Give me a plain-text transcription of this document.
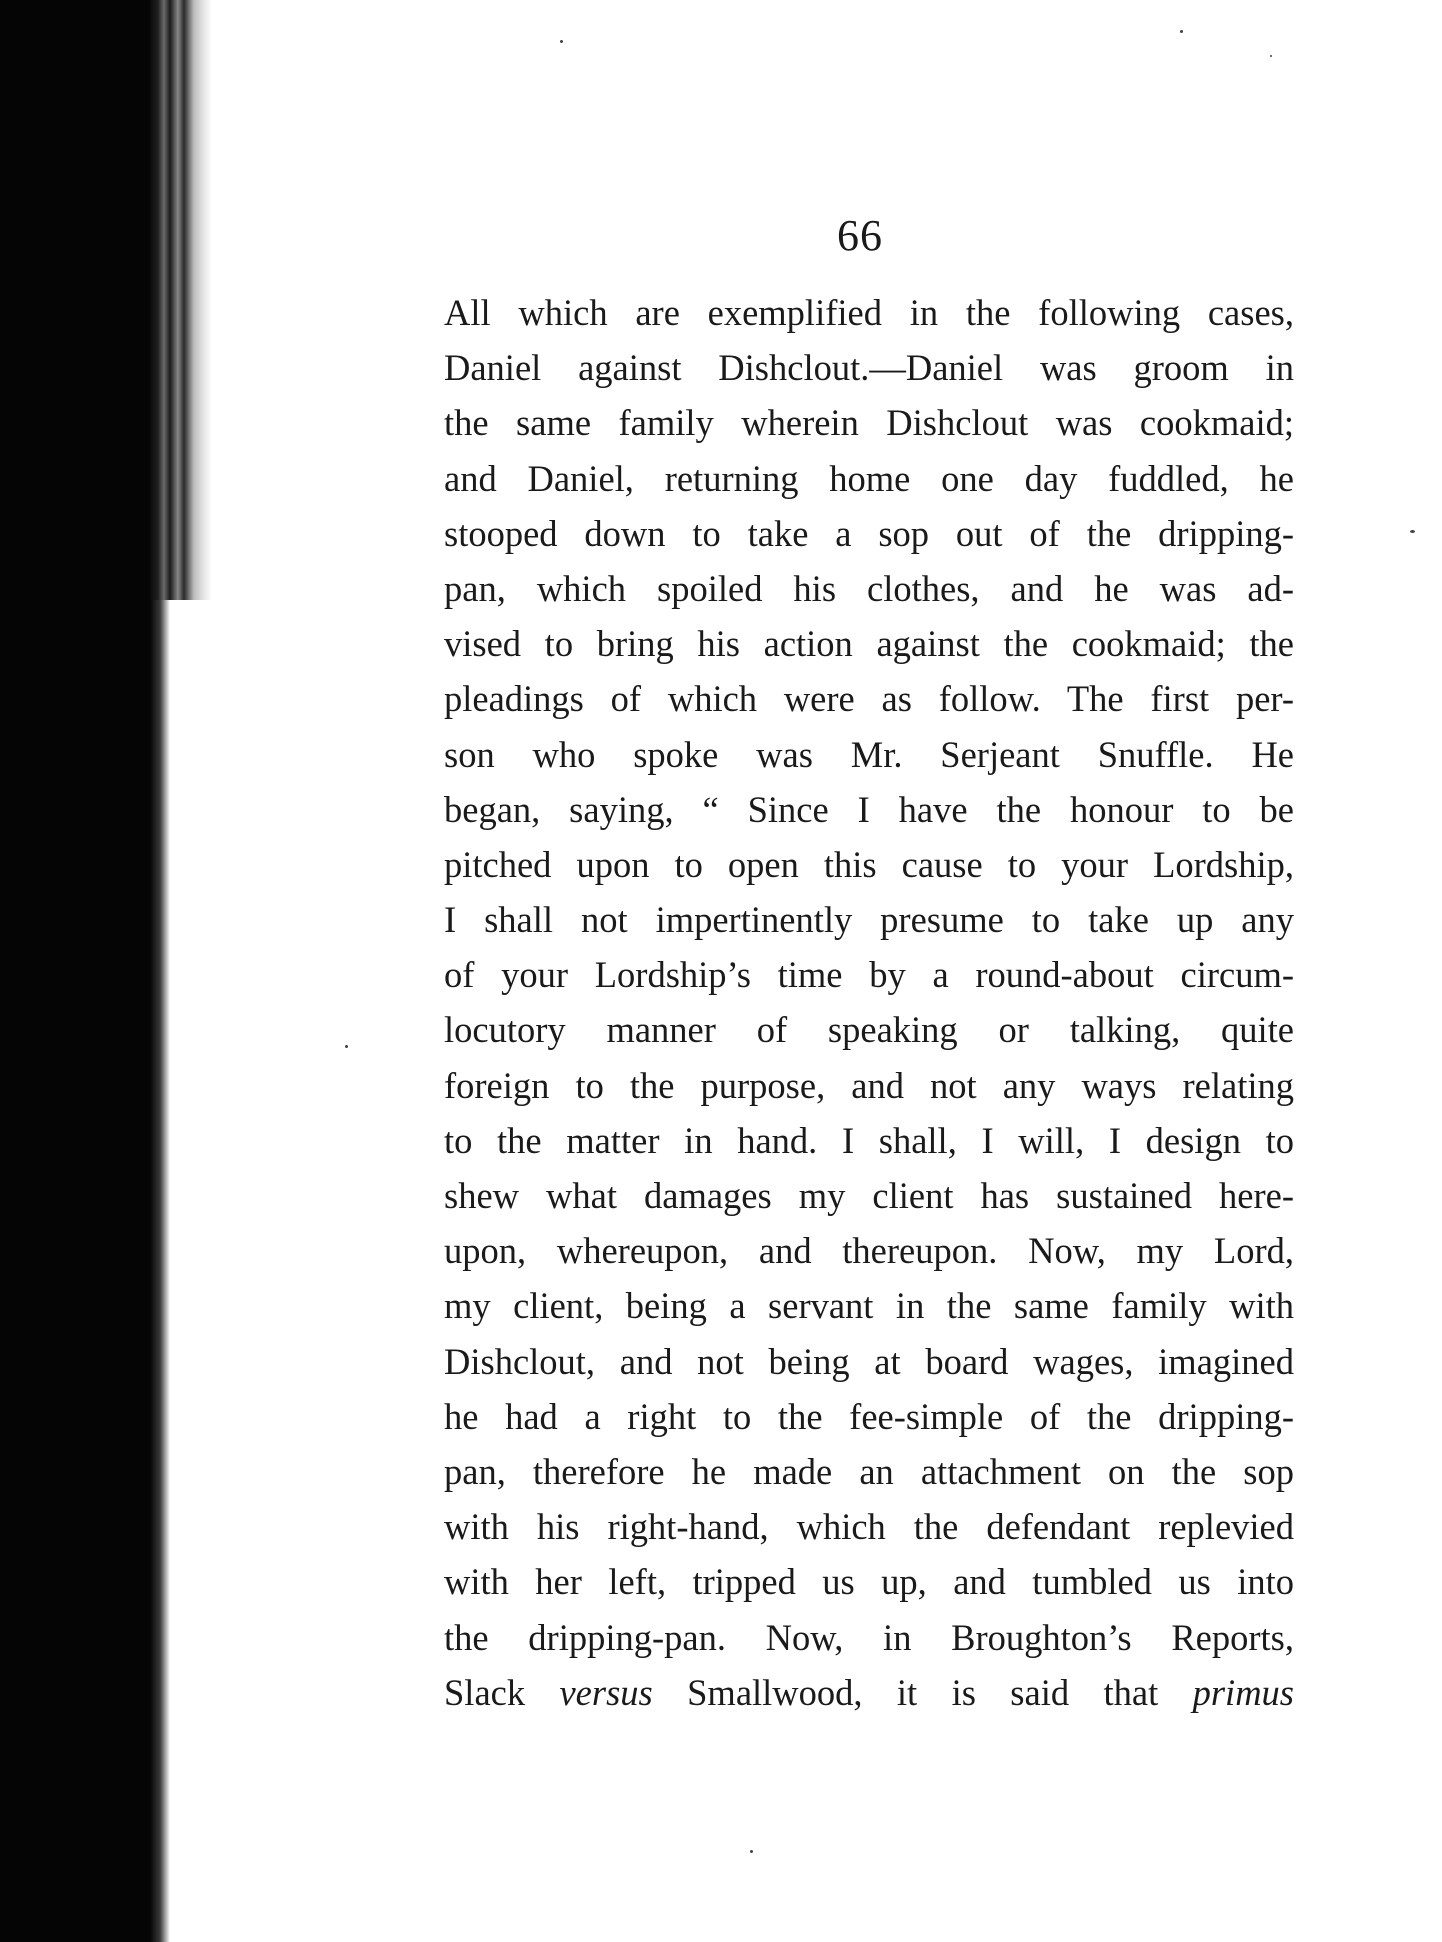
66
All which are exemplified in the following cases,
Daniel against Dishclout.—Daniel was groom in
the same family wherein Dishclout was cookmaid;
and Daniel, returning home one day fuddled, he
stooped down to take a sop out of the dripping-
pan, which spoiled his clothes, and he was ad-
vised to bring his action against the cookmaid; the
pleadings of which were as follow. The first per-
son who spoke was Mr. Serjeant Snuffle. He
began, saying, “ Since I have the honour to be
pitched upon to open this cause to your Lordship,
I shall not impertinently presume to take up any
of your Lordship’s time by a round-about circum-
locutory manner of speaking or talking, quite
foreign to the purpose, and not any ways relating
to the matter in hand. I shall, I will, I design to
shew what damages my client has sustained here-
upon, whereupon, and thereupon. Now, my Lord,
my client, being a servant in the same family with
Dishclout, and not being at board wages, imagined
he had a right to the fee-simple of the dripping-
pan, therefore he made an attachment on the sop
with his right-hand, which the defendant replevied
with her left, tripped us up, and tumbled us into
the dripping-pan. Now, in Broughton’s Reports,
Slack versus Smallwood, it is said that primus
